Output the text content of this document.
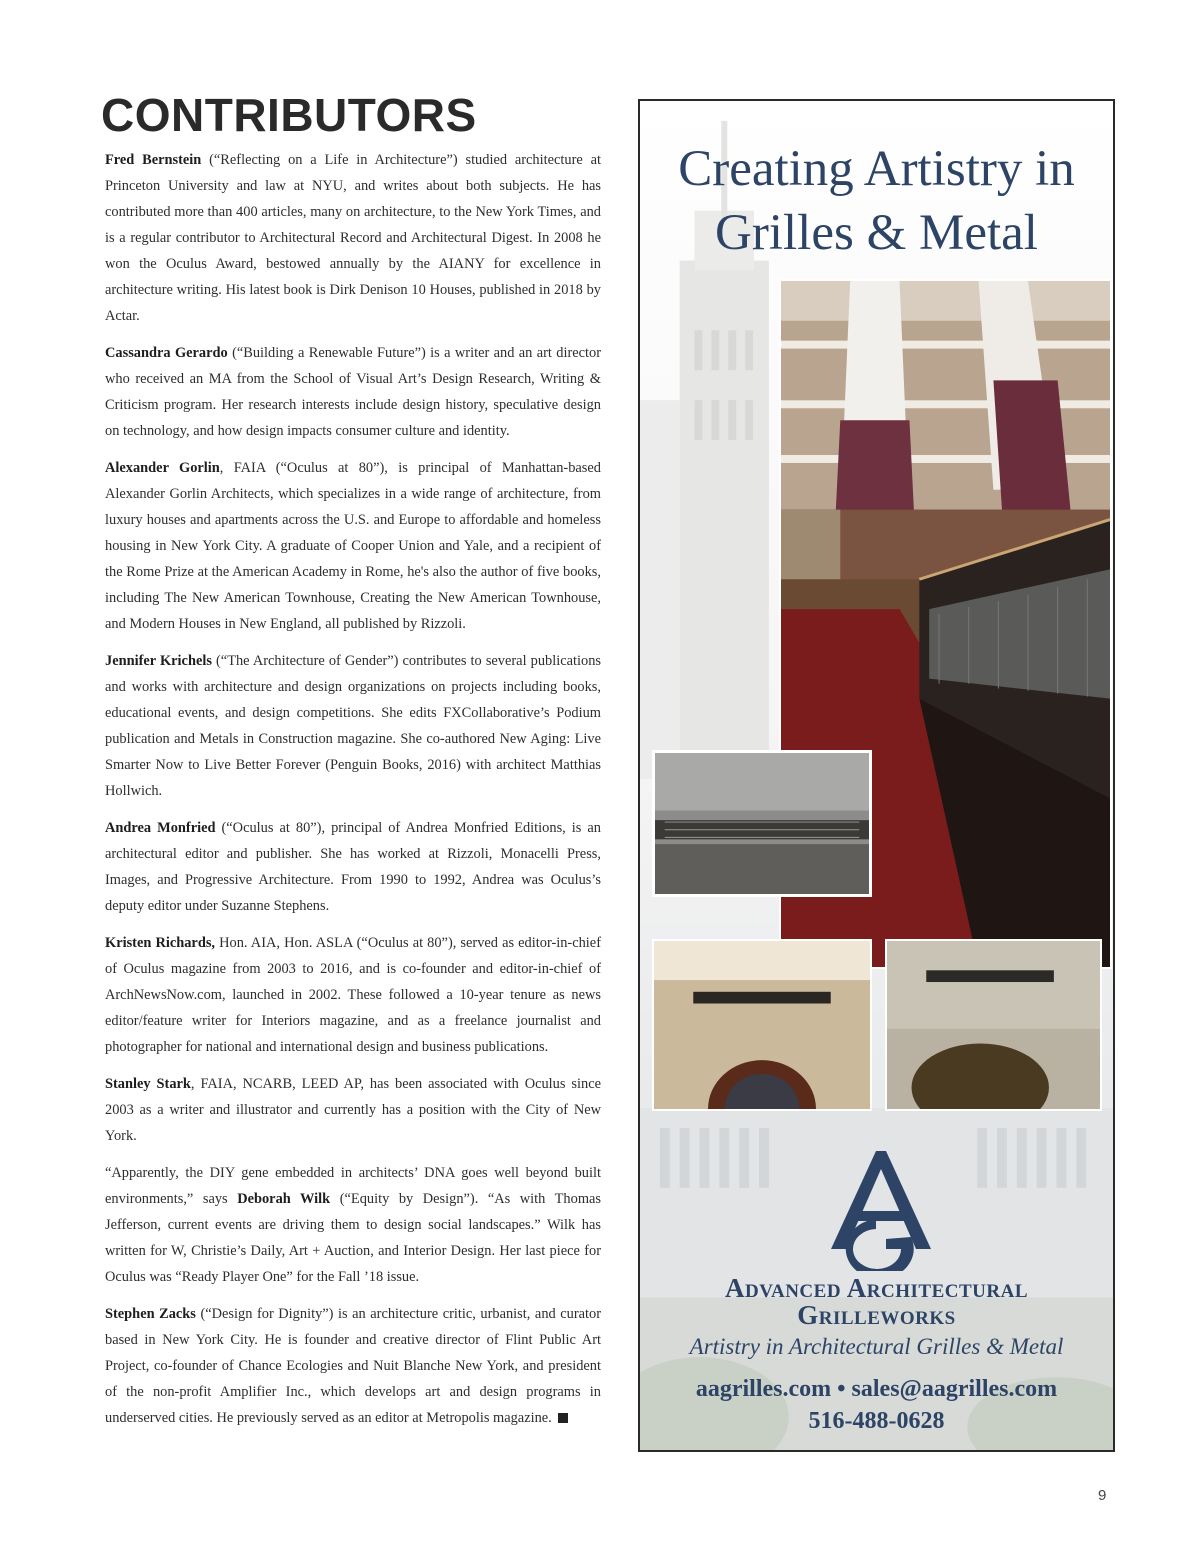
CONTRIBUTORS

Fred Bernstein (“Reflecting on a Life in Architecture”) studied architecture at Princeton University and law at NYU, and writes about both subjects. He has contributed more than 400 articles, many on architecture, to the New York Times, and is a regular contributor to Architectural Record and Architectural Digest. In 2008 he won the Oculus Award, bestowed annually by the AIANY for excellence in architecture writing. His latest book is Dirk Denison 10 Houses, published in 2018 by Actar.

Cassandra Gerardo (“Building a Renewable Future”) is a writer and an art director who received an MA from the School of Visual Art’s Design Research, Writing & Criticism program. Her research interests include design history, speculative design on technology, and how design impacts consumer culture and identity.

Alexander Gorlin, FAIA (“Oculus at 80”), is principal of Manhattan-based Alexander Gorlin Architects, which specializes in a wide range of architecture, from luxury houses and apartments across the U.S. and Europe to affordable and homeless housing in New York City. A graduate of Cooper Union and Yale, and a recipient of the Rome Prize at the American Academy in Rome, he's also the author of five books, including The New American Townhouse, Creating the New American Townhouse, and Modern Houses in New England, all published by Rizzoli.

Jennifer Krichels (“The Architecture of Gender”) contributes to several publications and works with architecture and design organizations on projects including books, educational events, and design competitions. She edits FXCollaborative’s Podium publication and Metals in Construction magazine. She co-authored New Aging: Live Smarter Now to Live Better Forever (Penguin Books, 2016) with architect Matthias Hollwich.

Andrea Monfried (“Oculus at 80”), principal of Andrea Monfried Editions, is an architectural editor and publisher. She has worked at Rizzoli, Monacelli Press, Images, and Progressive Architecture. From 1990 to 1992, Andrea was Oculus’s deputy editor under Suzanne Stephens.

Kristen Richards, Hon. AIA, Hon. ASLA (“Oculus at 80”), served as editor-in-chief of Oculus magazine from 2003 to 2016, and is co-founder and editor-in-chief of ArchNewsNow.com, launched in 2002. These followed a 10-year tenure as news editor/feature writer for Interiors magazine, and as a freelance journalist and photographer for national and international design and business publications.

Stanley Stark, FAIA, NCARB, LEED AP, has been associated with Oculus since 2003 as a writer and illustrator and currently has a position with the City of New York.

“Apparently, the DIY gene embedded in architects’ DNA goes well beyond built environments,” says Deborah Wilk (“Equity by Design”). “As with Thomas Jefferson, current events are driving them to design social landscapes.” Wilk has written for W, Christie’s Daily, Art + Auction, and Interior Design. Her last piece for Oculus was “Ready Player One” for the Fall ’18 issue.

Stephen Zacks (“Design for Dignity”) is an architecture critic, urbanist, and curator based in New York City. He is founder and creative director of Flint Public Art Project, co-founder of Chance Ecologies and Nuit Blanche New York, and president of the non-profit Amplifier Inc., which develops art and design programs in underserved cities. He previously served as an editor at Metropolis magazine.

Creating Artistry in
Grilles & Metal
Advanced Architectural
Grilleworks
Artistry in Architectural Grilles & Metal
aagrilles.com • sales@aagrilles.com
516-488-0628
9
